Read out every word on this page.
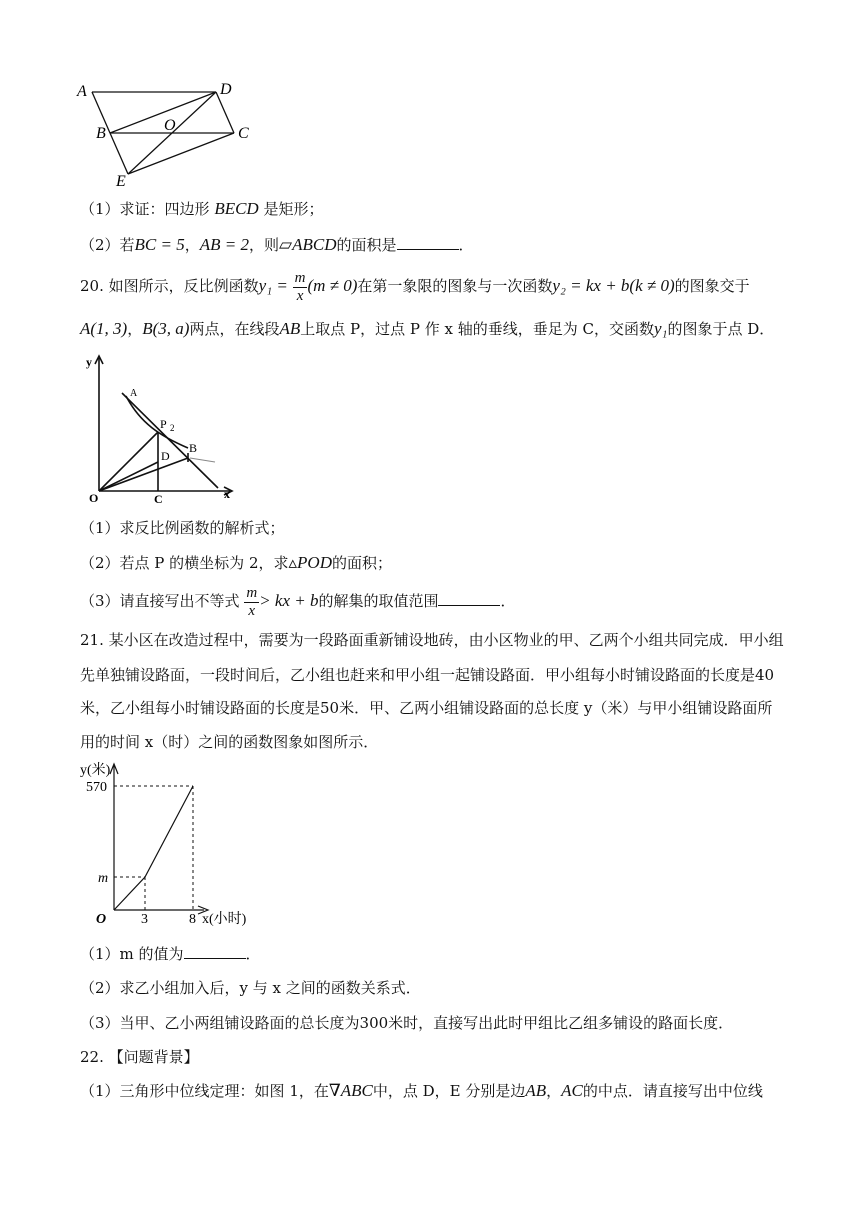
A	D
B	O	C
E
（1）求证：四边形 BECD 是矩形；
（2）若BC = 5，AB = 2，则▱ABCD的面积是	．
20. 如图所示，反比例函数$y_1 = \frac{m}{x} (m \ne 0)$在第一象限的图象与一次函数y₂ = kx + b(k ≠ 0)的图象交于
A(1, 3)，B(3, a)两点，在线段AB上取点 P，过点 P 作 x 轴的垂线，垂足为 C，交函数y₁的图象于点 D．
y
A
P 2
B
D
O	C	x
（1）求反比例函数的解析式；
（2）若点 P 的横坐标为 2，求▵POD的面积；
（3）请直接写出不等式 $\frac{m}{x}$ > kx + b的解集的取值范围	．
21. 某小区在改造过程中，需要为一段路面重新铺设地砖，由小区物业的甲、乙两个小组共同完成．甲小组
先单独铺设路面，一段时间后，乙小组也赶来和甲小组一起铺设路面．甲小组每小时铺设路面的长度是40
米，乙小组每小时铺设路面的长度是50米．甲、乙两小组铺设路面的总长度 y（米）与甲小组铺设路面所
用的时间 x（时）之间的函数图象如图所示．
y(米)
570
m
O 3	8 x(小时)
（1）m 的值为	．
（2）求乙小组加入后，y 与 x 之间的函数关系式．
（3）当甲、乙小两组铺设路面的总长度为300米时，直接写出此时甲组比乙组多铺设的路面长度．
22. 【问题背景】
（1）三角形中位线定理：如图 1，在∇ABC中，点 D，E 分别是边AB，AC的中点．请直接写出中位线
